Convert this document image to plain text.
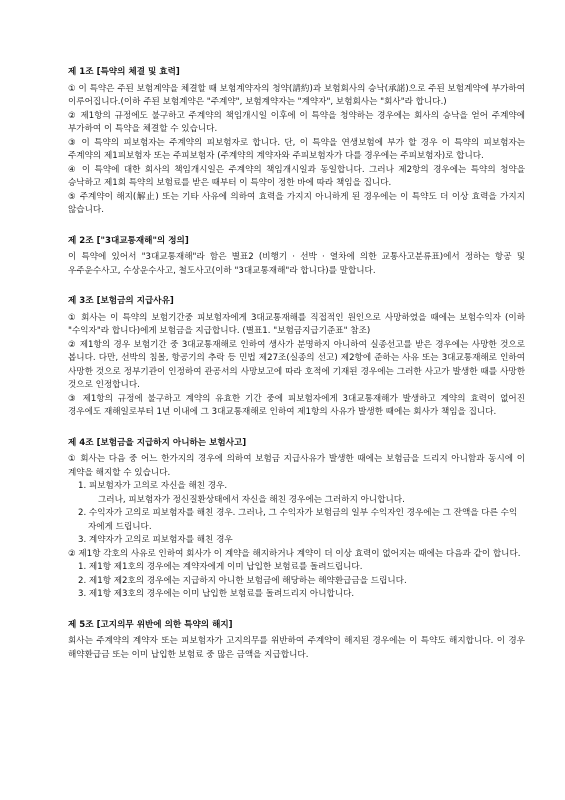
제 1조 [특약의 체결 및 효력]

① 이 특약은 주된 보험계약을 체결할 때 보험계약자의 청약(請約)과 보험회사의 승낙(承諾)으로 주된 보험계약에 부가하여 이루어집니다.(이하 주된 보험계약은 "주계약", 보험계약자는 "계약자", 보험회사는 "회사"라 합니다.)

② 제1항의 규정에도 불구하고 주계약의 책임개시일 이후에 이 특약을 청약하는 경우에는 회사의 승낙을 얻어 주계약에 부가하여 이 특약을 체결할 수 있습니다.

③ 이 특약의 피보험자는 주계약의 피보험자로 합니다. 단, 이 특약을 연생보험에 부가 할 경우 이 특약의 피보험자는 주계약의 제1피보험자 또는 주피보험자 (주계약의 계약자와 주피보험자가 다를 경우에는 주피보험자)로 합니다.

④ 이 특약에 대한 회사의 책임개시일은 주계약의 책임개시일과 동일합니다. 그러나 제2항의 경우에는 특약의 청약을 승낙하고 제1회 특약의 보험료를 받은 때부터 이 특약이 정한 바에 따라 책임을 집니다.

⑤ 주계약이 해지(解止) 또는 기타 사유에 의하여 효력을 가지지 아니하게 된 경우에는 이 특약도 더 이상 효력을 가지지 않습니다.

제 2조 ["3대교통재해"의 정의]

이 특약에 있어서 "3대교통재해"라 함은 별표2 (비행기 · 선박 · 열차에 의한 교통사고분류표)에서 정하는 항공 및 우주운수사고, 수상운수사고, 철도사고(이하 "3대교통재해"라 합니다)를 말합니다.

제 3조 [보험금의 지급사유]

① 회사는 이 특약의 보험기간중 피보험자에게 3대교통재해를 직접적인 원인으로 사망하였을 때에는 보험수익자 (이하 "수익자"라 합니다)에게 보험금을 지급합니다. (별표1. "보험금지급기준표" 참조)

② 제1항의 경우 보험기간 중 3대교통재해로 인하여 생사가 분명하지 아니하여 실종선고를 받은 경우에는 사망한 것으로 봅니다. 다만, 선박의 침몰, 항공기의 추락 등 민법 제27조(실종의 선고) 제2항에 준하는 사유 또는 3대교통재해로 인하여 사망한 것으로 정부기관이 인정하여 관공서의 사망보고에 따라 호적에 기재된 경우에는 그러한 사고가 발생한 때를 사망한 것으로 인정합니다.

③ 제1항의 규정에 불구하고 계약의 유효한 기간 중에 피보험자에게 3대교통재해가 발생하고 계약의 효력이 없어진 경우에도 재해일로부터 1년 이내에 그 3대교통재해로 인하여 제1항의 사유가 발생한 때에는 회사가 책임을 집니다.

제 4조 [보험금을 지급하지 아니하는 보험사고]

① 회사는 다음 중 어느 한가지의 경우에 의하여 보험금 지급사유가 발생한 때에는 보험금을 드리지 아니함과 동시에 이 계약을 해지할 수 있습니다.

1. 피보험자가 고의로 자신을 해친 경우.

그러나, 피보험자가 정신질환상태에서 자신을 해친 경우에는 그러하지 아니합니다.

2. 수익자가 고의로 피보험자를 해친 경우. 그러나, 그 수익자가 보험금의 일부 수익자인 경우에는 그 잔액을 다른 수익자에게 드립니다.

3. 계약자가 고의로 피보험자를 해친 경우

② 제1항 각호의 사유로 인하여 회사가 이 계약을 해지하거나 계약이 더 이상 효력이 없어지는 때에는 다음과 같이 합니다.

1. 제1항 제1호의 경우에는 계약자에게 이미 납입한 보험료를 돌려드립니다.

2. 제1항 제2호의 경우에는 지급하지 아니한 보험금에 해당하는 해약환급금을 드립니다.

3. 제1항 제3호의 경우에는 이미 납입한 보험료를 돌려드리지 아니합니다.

제 5조 [고지의무 위반에 의한 특약의 해지]

회사는 주계약의 계약자 또는 피보험자가 고지의무를 위반하여 주계약이 해지된 경우에는 이 특약도 해지합니다. 이 경우 해약환급금 또는 이미 납입한 보험료 중 많은 금액을 지급합니다.
